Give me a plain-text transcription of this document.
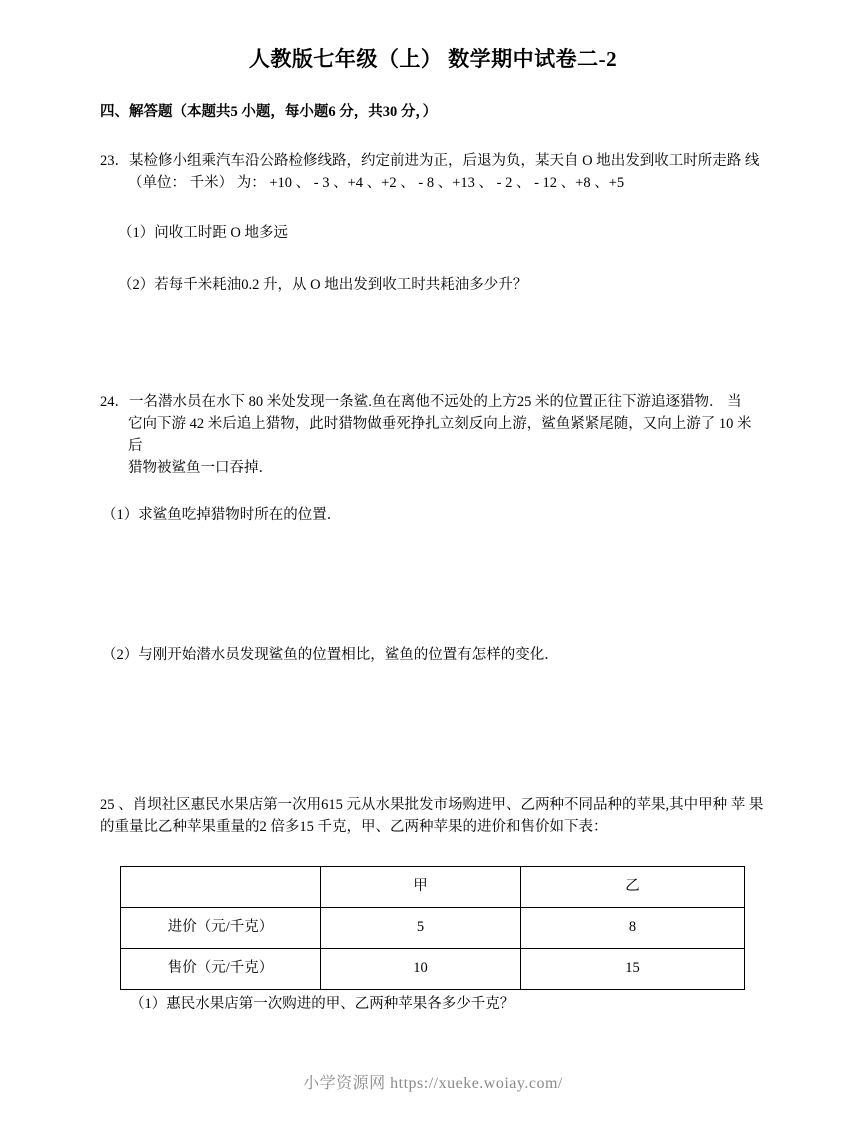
人教版七年级（上） 数学期中试卷二-2
四、解答题（本题共5 小题，每小题6 分，共30 分，）

23．某检修小组乘汽车沿公路检修线路，约定前进为正，后退为负，某天自 O 地出发到收工时所走路 线
（单位： 千米） 为： +10 、 - 3 、+4 、+2 、 - 8 、+13 、 - 2 、 - 12 、+8 、+5

（1）问收工时距 O 地多远

（2）若每千米耗油0.2 升，从 O 地出发到收工时共耗油多少升？

24．一名潜水员在水下 80 米处发现一条鲨.鱼在离他不远处的上方25 米的位置正往下游追逐猎物． 当
它向下游 42 米后追上猎物，此时猎物做垂死挣扎立刻反向上游，鲨鱼紧紧尾随，又向上游了 10 米 后
猎物被鲨鱼一口吞掉．

（1）求鲨鱼吃掉猎物时所在的位置．

（2）与刚开始潜水员发现鲨鱼的位置相比，鲨鱼的位置有怎样的变化．

25 、肖坝社区惠民水果店第一次用615 元从水果批发市场购进甲、乙两种不同品种的苹果,其中甲种 苹 果的重量比乙种苹果重量的2 倍多15 千克，甲、乙两种苹果的进价和售价如下表：

	甲	乙
进价（元/千克）	5	8
售价（元/千克）	10	15

（1）惠民水果店第一次购进的甲、乙两种苹果各多少千克？

小学资源网 https://xueke.woiay.com/
